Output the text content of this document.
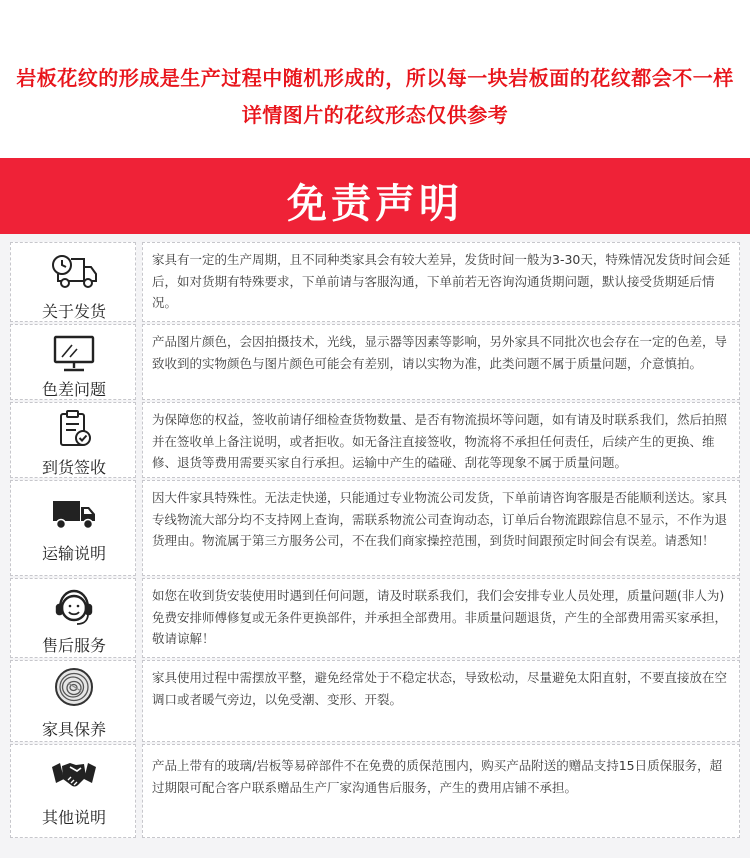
岩板花纹的形成是生产过程中随机形成的，所以每一块岩板面的花纹都会不一样
详情图片的花纹形态仅供参考
免责声明
关于发货
家具有一定的生产周期，且不同种类家具会有较大差异，发货时间一般为3-30天，特殊情况发货时间会延后，如对货期有特殊要求，下单前请与客服沟通，下单前若无咨询沟通货期问题，默认接受货期延后情况。
色差问题
产品图片颜色，会因拍摄技术，光线，显示器等因素等影响，另外家具不同批次也会存在一定的色差，导致收到的实物颜色与图片颜色可能会有差别，请以实物为准，此类问题不属于质量问题，介意慎拍。
到货签收
为保障您的权益，签收前请仔细检查货物数量、是否有物流损坏等问题，如有请及时联系我们，然后拍照并在签收单上备注说明，或者拒收。如无备注直接签收，物流将不承担任何责任，后续产生的更换、维修、退货等费用需要买家自行承担。运输中产生的磕碰、刮花等现象不属于质量问题。
运输说明
因大件家具特殊性。无法走快递，只能通过专业物流公司发货，下单前请咨询客服是否能顺利送达。家具专线物流大部分均不支持网上查询，需联系物流公司查询动态，订单后台物流跟踪信息不显示，不作为退货理由。物流属于第三方服务公司，不在我们商家操控范围，到货时间跟预定时间会有误差。请悉知！
售后服务
如您在收到货安装使用时遇到任何问题，请及时联系我们，我们会安排专业人员处理，质量问题(非人为)免费安排师傅修复或无条件更换部件，并承担全部费用。非质量问题退货，产生的全部费用需买家承担，敬请谅解！
家具保养
家具使用过程中需摆放平整，避免经常处于不稳定状态，导致松动，尽量避免太阳直射，不要直接放在空调口或者暖气旁边，以免受潮、变形、开裂。
其他说明
产品上带有的玻璃/岩板等易碎部件不在免费的质保范围内，购买产品附送的赠品支持15日质保服务，超过期限可配合客户联系赠品生产厂家沟通售后服务，产生的费用店铺不承担。
